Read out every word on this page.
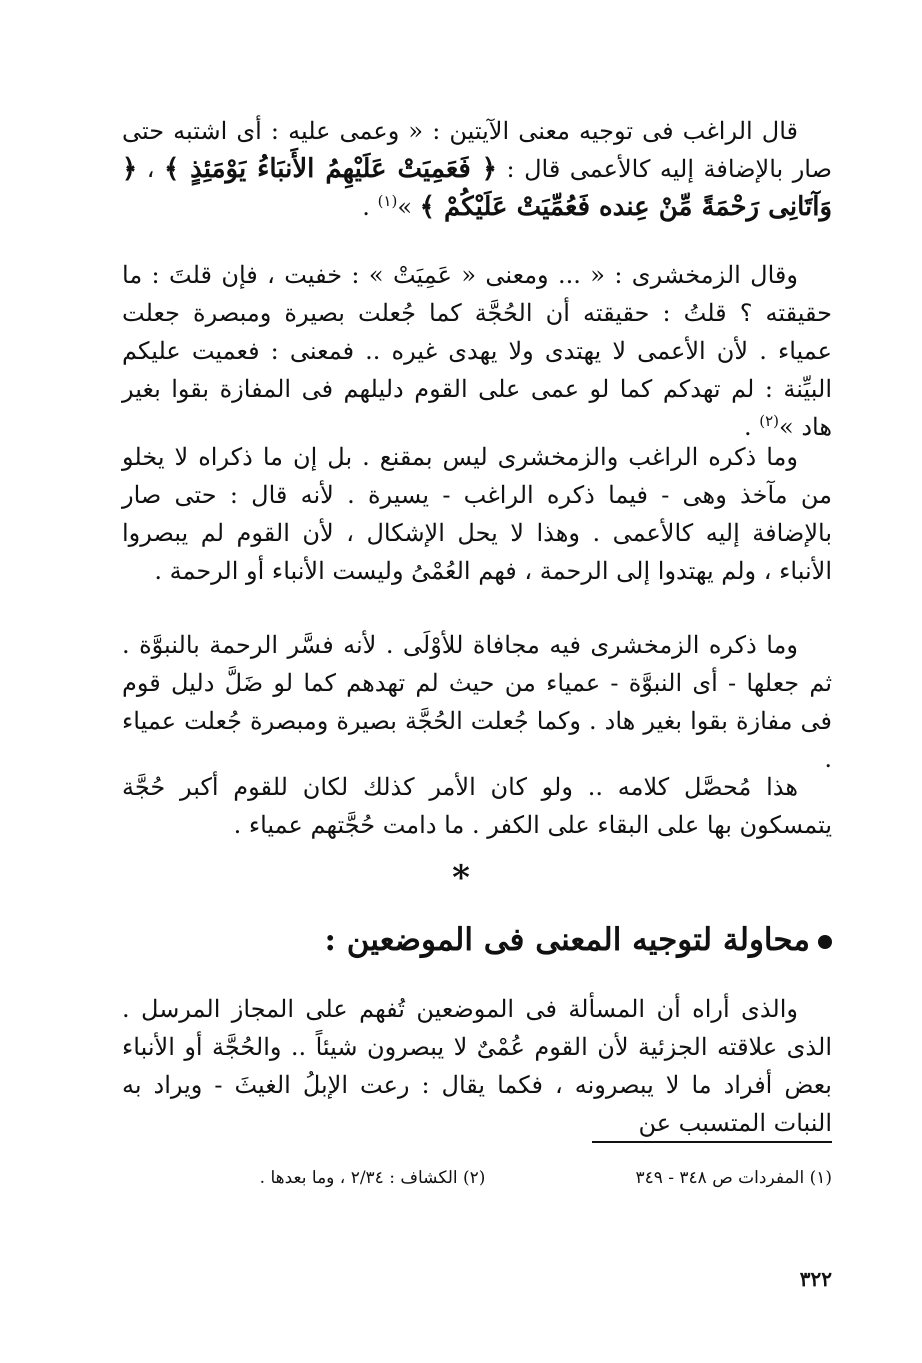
قال الراغب فى توجيه معنى الآيتين : « وعمى عليه : أى اشتبه حتى صار بالإضافة إليه كالأعمى قال : ﴿ فَعَمِيَتْ عَلَيْهِمُ الأَنبَاءُ يَوْمَئِذٍ ﴾ ، ﴿ وَآتَانِى رَحْمَةً مِّنْ عِنده فَعُمِّيَتْ عَلَيْكُمْ ﴾ »$^{(١)}$ .

وقال الزمخشرى : « ... ومعنى « عَمِيَتْ » : خفيت ، فإن قلتَ : ما حقيقته ؟ قلتُ : حقيقته أن الحُجَّة كما جُعلت بصيرة ومبصرة جعلت عمياء . لأن الأعمى لا يهتدى ولا يهدى غيره .. فمعنى : فعميت عليكم البيِّنة : لم تهدكم كما لو عمى على القوم دليلهم فى المفازة بقوا بغير هاد »$^{(٢)}$ .

وما ذكره الراغب والزمخشرى ليس بمقنع . بل إن ما ذكراه لا يخلو من مآخذ وهى - فيما ذكره الراغب - يسيرة . لأنه قال : حتى صار بالإضافة إليه كالأعمى . وهذا لا يحل الإشكال ، لأن القوم لم يبصروا الأنباء ، ولم يهتدوا إلى الرحمة ، فهم العُمْىُ وليست الأنباء أو الرحمة .

وما ذكره الزمخشرى فيه مجافاة للأوْلَى . لأنه فسَّر الرحمة بالنبوَّة . ثم جعلها - أى النبوَّة - عمياء من حيث لم تهدهم كما لو ضَلَّ دليل قوم فى مفازة بقوا بغير هاد . وكما جُعلت الحُجَّة بصيرة ومبصرة جُعلت عمياء .

هذا مُحصَّل كلامه .. ولو كان الأمر كذلك لكان للقوم أكبر حُجَّة يتمسكون بها على البقاء على الكفر . ما دامت حُجَّتهم عمياء .

*
محاولة لتوجيه المعنى فى الموضعين :

والذى أراه أن المسألة فى الموضعين تُفهم على المجاز المرسل . الذى علاقته الجزئية لأن القوم عُمْىٌ لا يبصرون شيئاً .. والحُجَّة أو الأنباء بعض أفراد ما لا يبصرونه ، فكما يقال : رعت الإبلُ الغيثَ - ويراد به النبات المتسبب عن

(١) المفردات ص ٣٤٨ - ٣٤٩
(٢) الكشاف : ٢/٣٤ ، وما بعدها .
٣٢٢
